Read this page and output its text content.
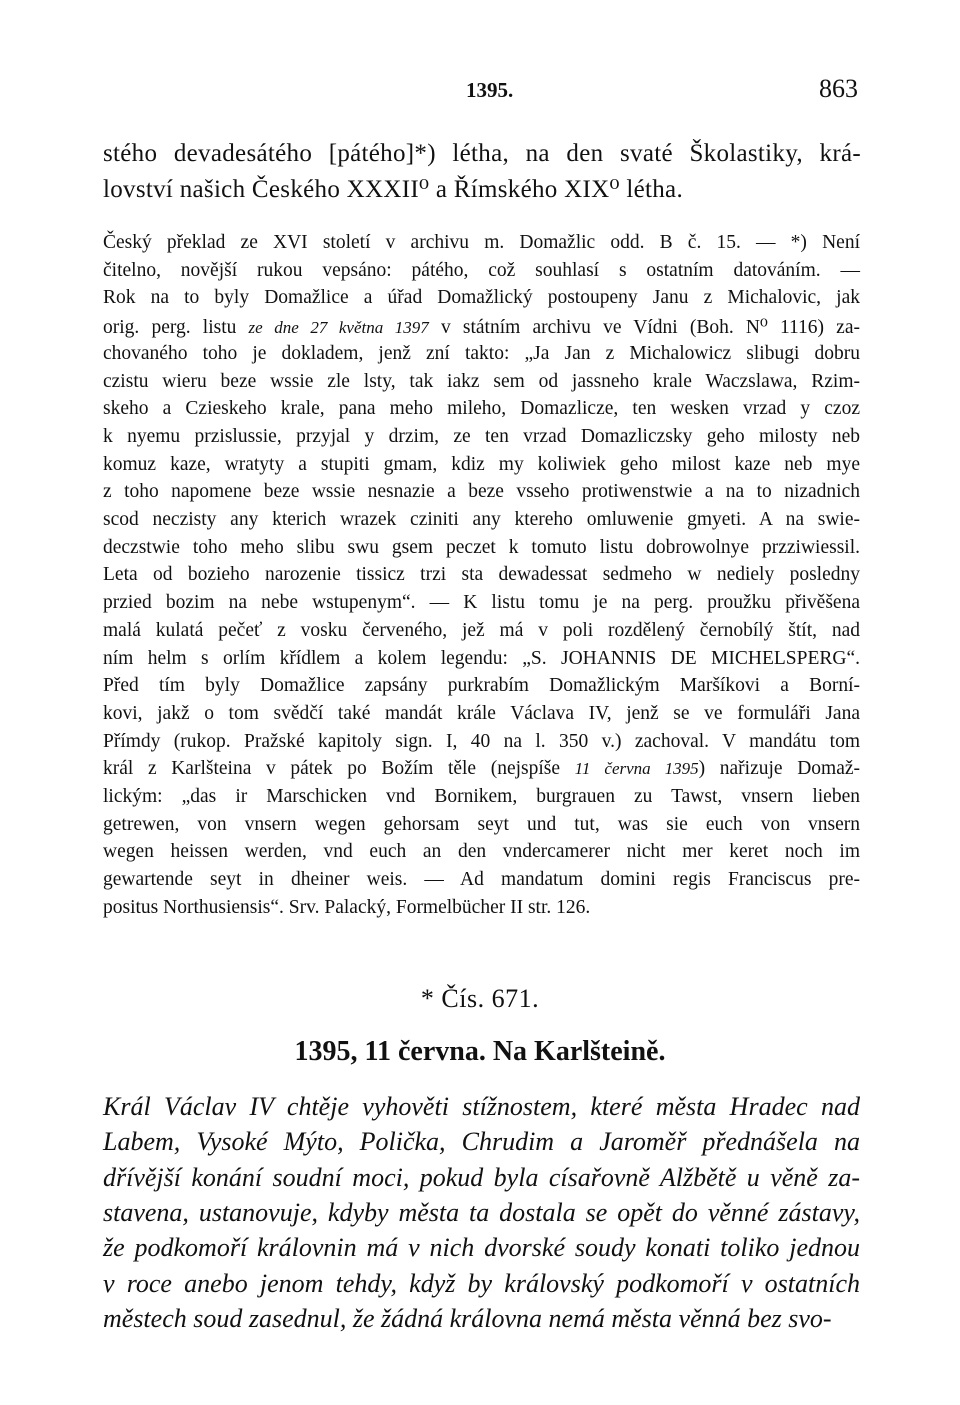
1395.	863
stého devadesátého [pátého]*) létha, na den svaté Školastiky, krá-
lovství našich Českého XXXII⁰ a Římského XIX⁰ létha.
Český překlad ze XVI století v archivu m. Domažlic odd. B č. 15. — *) Není
čitelno, novější rukou vepsáno: pátého, což souhlasí s ostatním datováním. —
Rok na to byly Domažlice a úřad Domažlický postoupeny Janu z Michalovic, jak
orig. perg. listu ze dne 27 května 1397 v státním archivu ve Vídni (Boh. N⁰ 1116) za-
chovaného toho je dokladem, jenž zní takto: „Ja Jan z Michalowicz slibugi dobru
czistu wieru beze wssie zle lsty, tak iakz sem od jassneho krale Waczslawa, Rzim-
skeho a Czieskeho krale, pana meho mileho, Domazlicze, ten wesken vrzad y czoz
k nyemu przislussie, przyjal y drzim, ze ten vrzad Domazliczsky geho milosty neb
komuz kaze, wratyty a stupiti gmam, kdiz my koliwiek geho milost kaze neb mye
z toho napomene beze wssie nesnazie a beze vsseho protiwenstwie a na to nizadnich
scod neczisty any kterich wrazek cziniti any ktereho omluwenie gmyeti. A na swie-
deczstwie toho meho slibu swu gsem peczet k tomuto listu dobrowolnye przziwiessil.
Leta od bozieho narozenie tissicz trzi sta dewadessat sedmeho w nediely posledny
przied bozim na nebe wstupenym“. — K listu tomu je na perg. proužku přivěšena
malá kulatá pečeť z vosku červeného, jež má v poli rozdělený černobílý štít, nad
ním helm s orlím křídlem a kolem legendu: „S. JOHANNIS DE MICHELSPERG“.
Před tím byly Domažlice zapsány purkrabím Domažlickým Maršíkovi a Borní-
kovi, jakž o tom svědčí také mandát krále Václava IV, jenž se ve formuláři Jana
Přímdy (rukop. Pražské kapitoly sign. I, 40 na l. 350 v.) zachoval. V mandátu tom
král z Karlšteina v pátek po Božím těle (nejspíše 11 června 1395) nařizuje Domaž-
lickým: „das ir Marschicken vnd Bornikem, burgrauen zu Tawst, vnsern lieben
getrewen, von vnsern wegen gehorsam seyt und tut, was sie euch von vnsern
wegen heissen werden, vnd euch an den vndercamerer nicht mer keret noch im
gewartende seyt in dheiner weis. — Ad mandatum domini regis Franciscus pre-
positus Northusiensis“. Srv. Palacký, Formelbücher II str. 126.
* Čís. 671.
1395, 11 června. Na Karlšteině.
Král Václav IV chtěje vyhověti stížnostem, které města Hradec nad
Labem, Vysoké Mýto, Polička, Chrudim a Jaroměř přednášela na
dřívější konání soudní moci, pokud byla císařovně Alžbětě u věně za-
stavena, ustanovuje, kdyby města ta dostala se opět do věnné zástavy,
že podkomoří královnin má v nich dvorské soudy konati toliko jednou
v roce anebo jenom tehdy, když by královský podkomoří v ostatních
městech soud zasednul, že žádná královna nemá města věnná bez svo-
